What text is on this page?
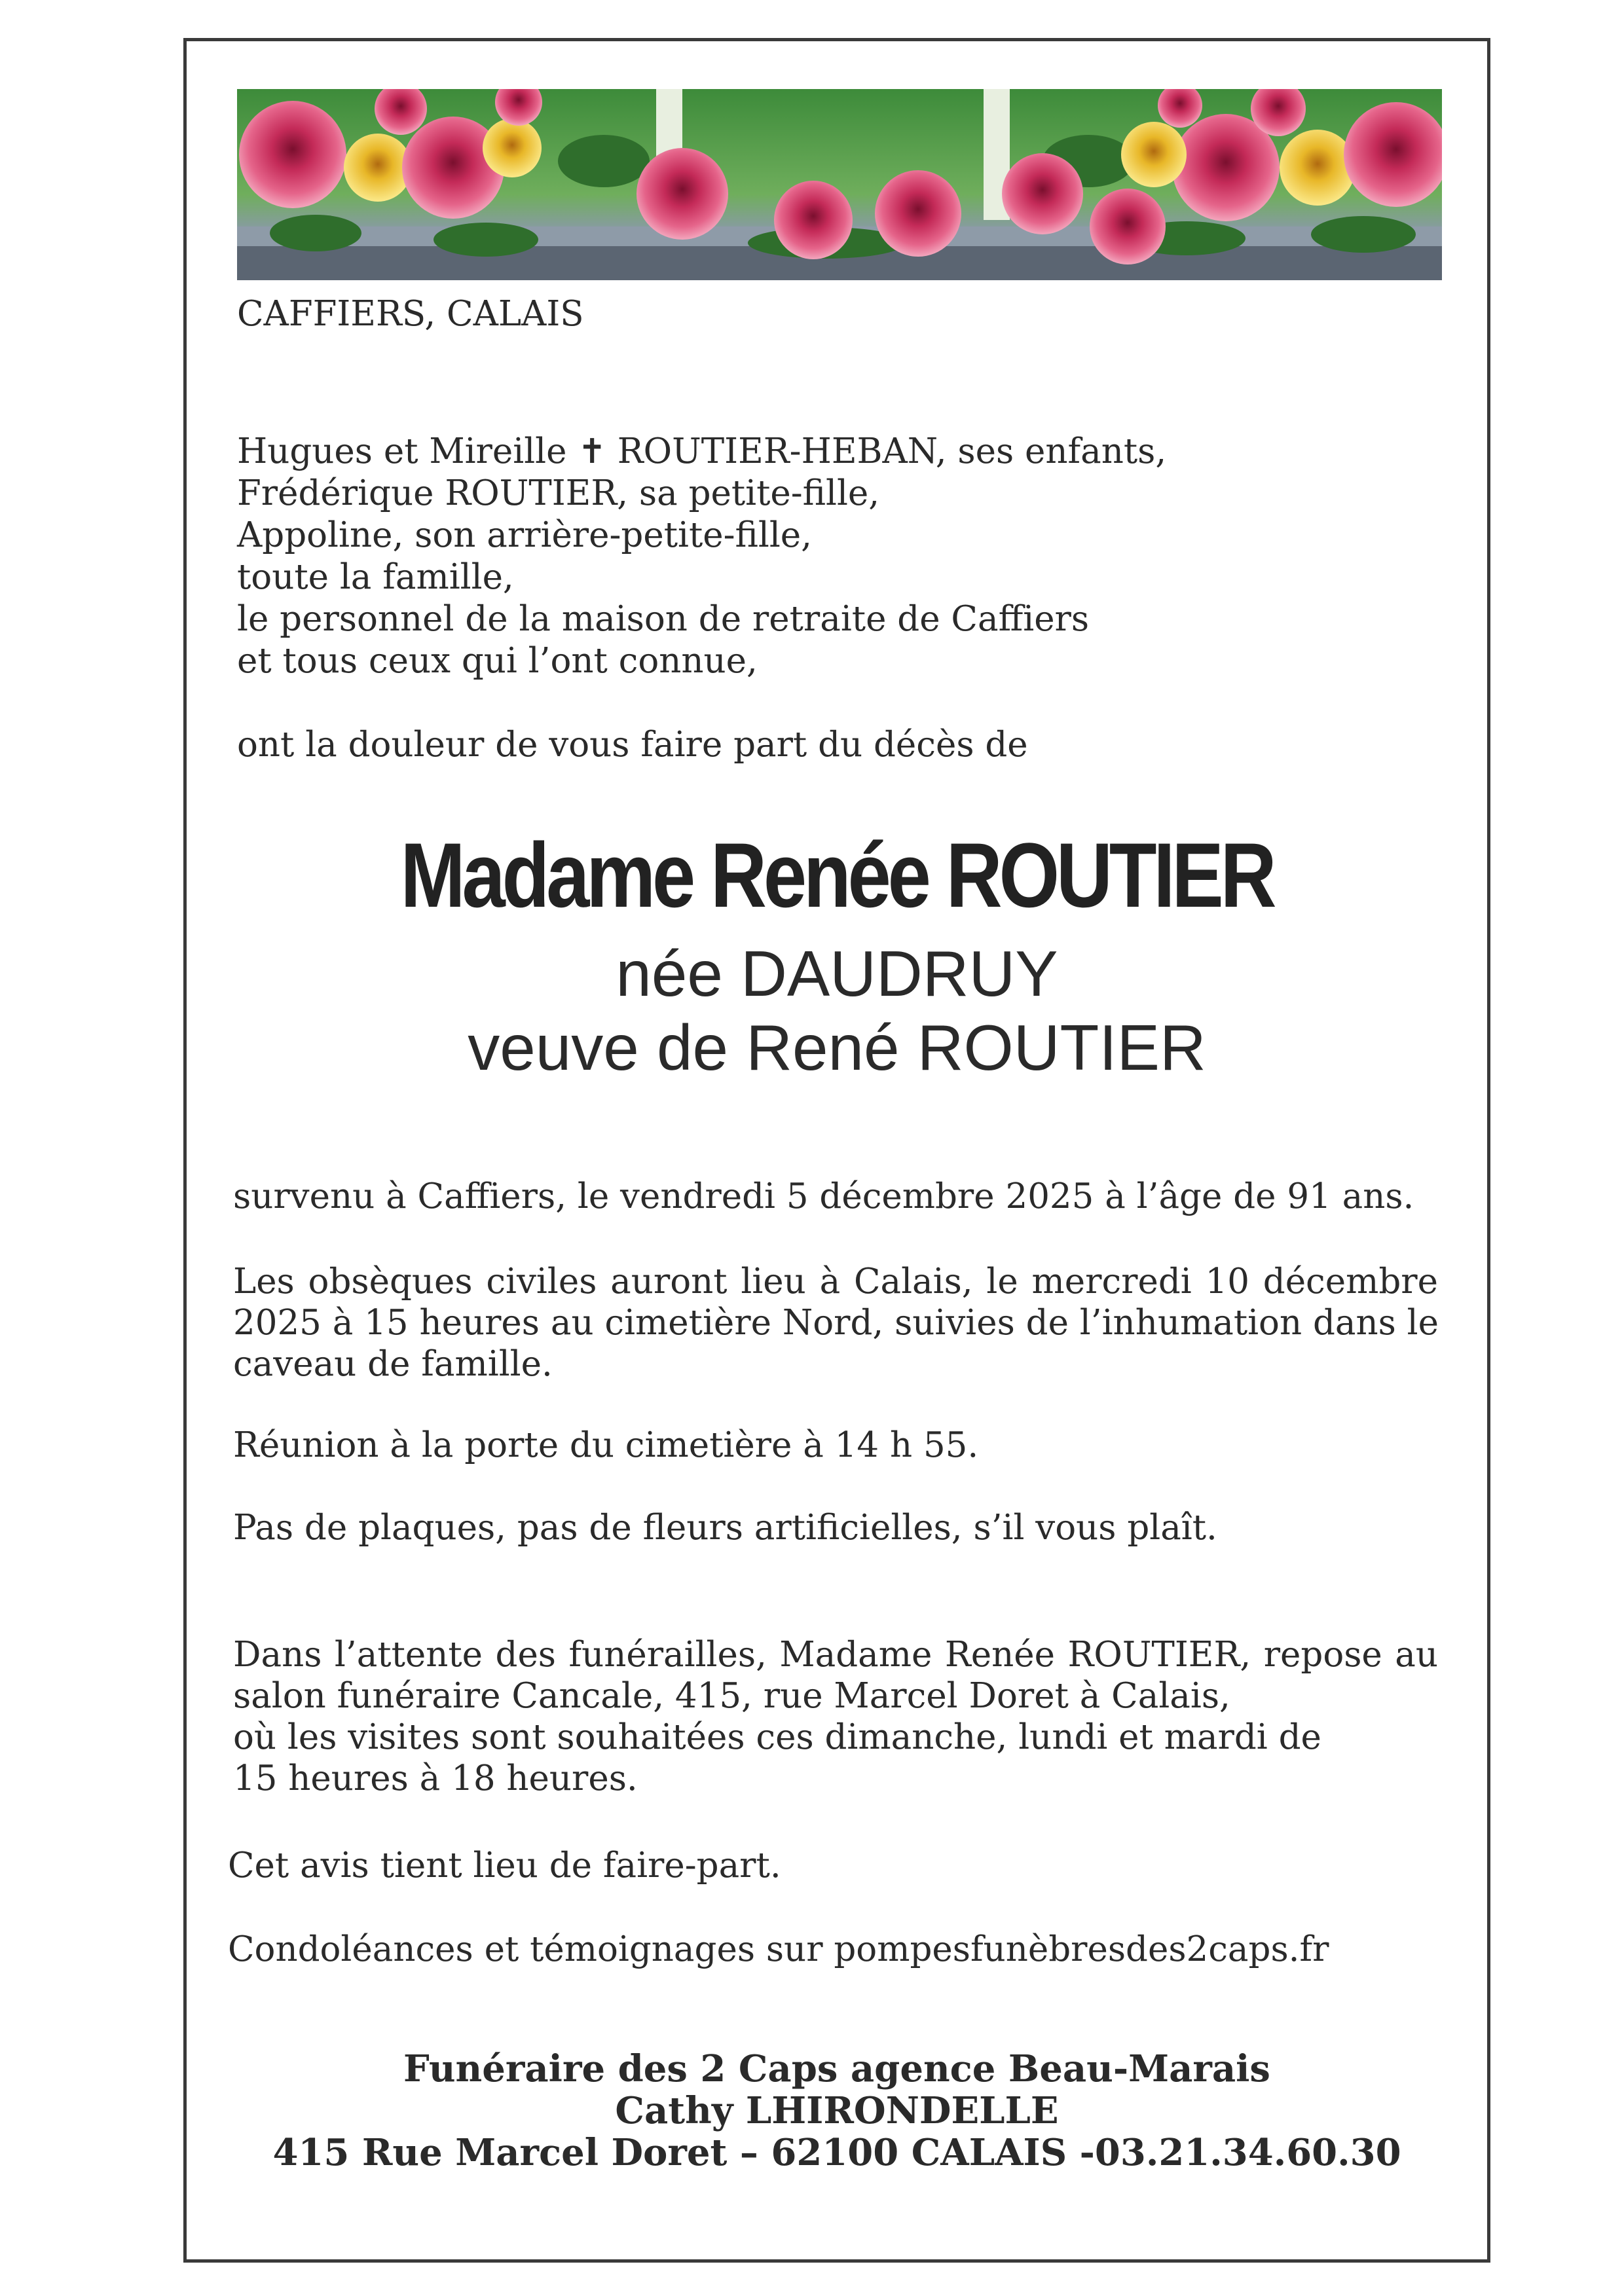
CAFFIERS, CALAIS
Hugues et Mireille ✝ ROUTIER-HEBAN, ses enfants,
Frédérique ROUTIER, sa petite-fille,
Appoline, son arrière-petite-fille,
toute la famille,
le personnel de la maison de retraite de Caffiers
et tous ceux qui l’ont connue,
ont la douleur de vous faire part du décès de
Madame Renée ROUTIER
née DAUDRUY
veuve de René ROUTIER
survenu à Caffiers, le vendredi 5 décembre 2025 à l’âge de 91 ans.
Les obsèques civiles auront lieu à Calais, le mercredi 10 décembre
2025 à 15 heures au cimetière Nord, suivies de l’inhumation dans le
caveau de famille.
Réunion à la porte du cimetière à 14 h 55.
Pas de plaques, pas de fleurs artificielles, s’il vous plaît.
Dans l’attente des funérailles, Madame Renée ROUTIER, repose au
salon funéraire Cancale, 415, rue Marcel Doret à Calais,
où les visites sont souhaitées ces dimanche, lundi et mardi de
15 heures à 18 heures.
Cet avis tient lieu de faire-part.
Condoléances et témoignages sur pompesfunèbresdes2caps.fr
Funéraire des 2 Caps agence Beau-Marais
Cathy LHIRONDELLE
415 Rue Marcel Doret – 62100 CALAIS -03.21.34.60.30
